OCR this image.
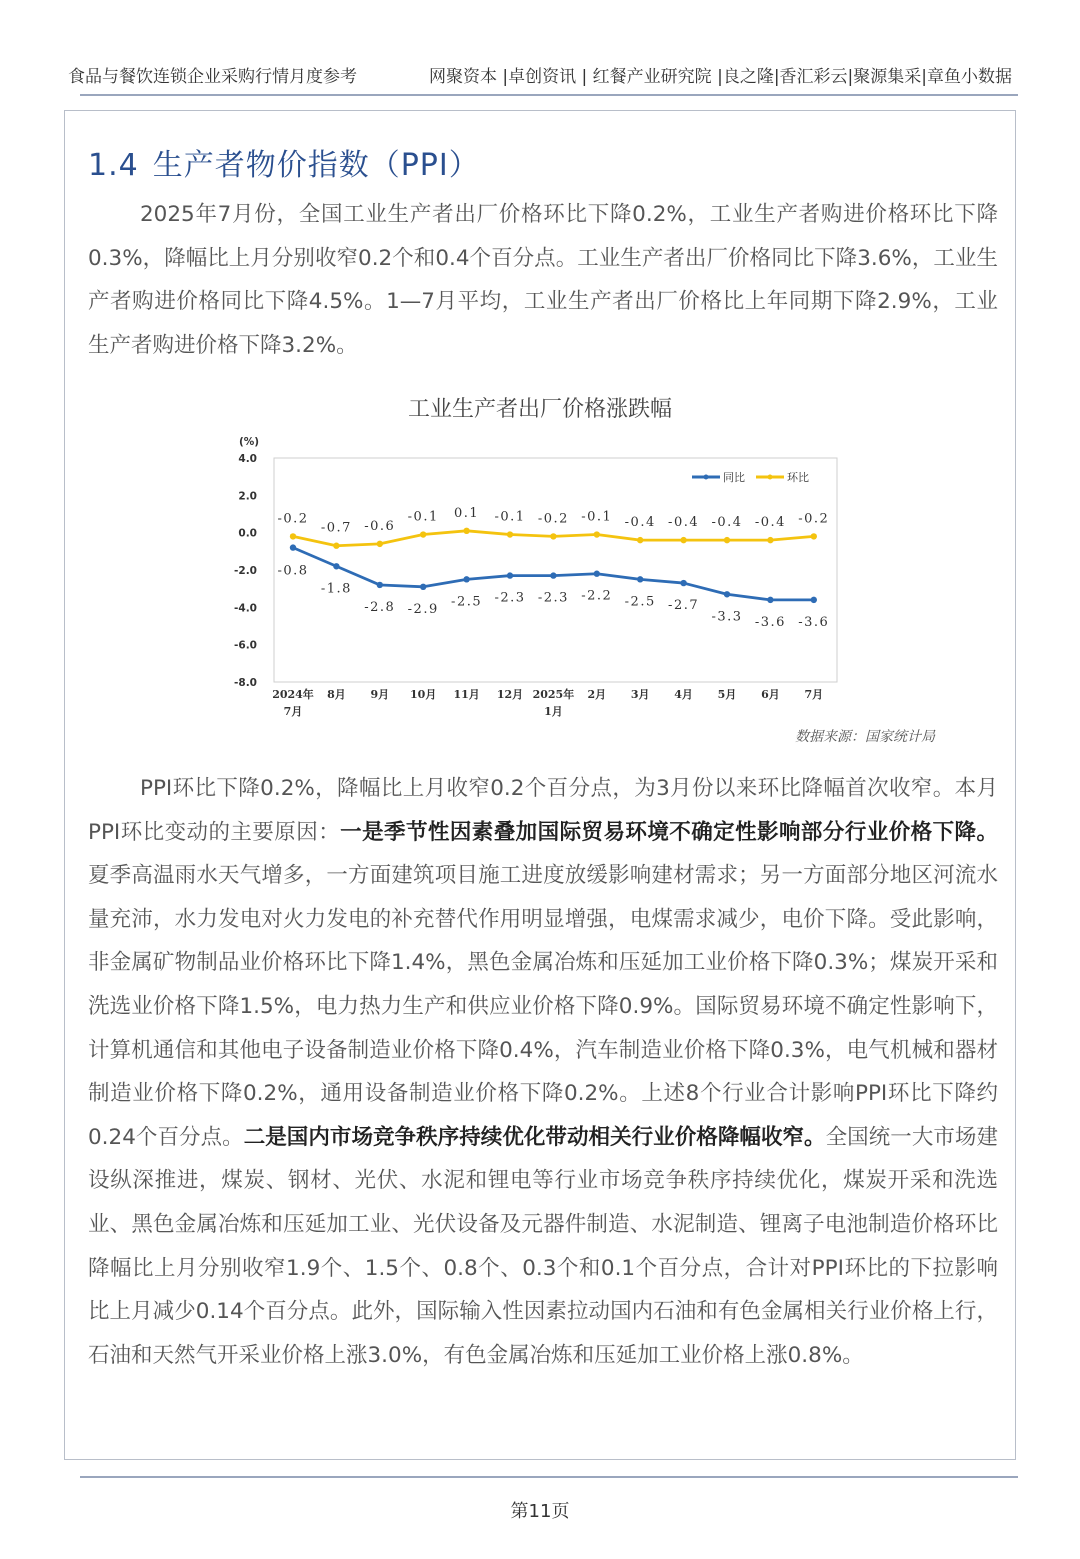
食品与餐饮连锁企业采购行情月度参考	网聚资本 |卓创资讯 | 红餐产业研究院 |良之隆|香汇彩云|聚源集采|章鱼小数据
1.4 生产者物价指数（PPI）

2025年7月份，全国工业生产者出厂价格环比下降0.2%，工业生产者购进价格环比下降0.3%，降幅比上月分别收窄0.2个和0.4个百分点。工业生产者出厂价格同比下降3.6%，工业生产者购进价格同比下降4.5%。1—7月平均，工业生产者出厂价格比上年同期下降2.9%，工业生产者购进价格下降3.2%。

工业生产者出厂价格涨跌幅
(%)
4.0
2.0
0.0
-2.0
-4.0
-6.0
-8.0
2024年
7月
8月 9月 10月 11月 12月 2025年
1月
2月 3月 4月 5月 6月 7月
-0.8
-1.8
-2.8 -2.9 -2.5 -2.3 -2.3 -2.2 -2.5 -2.7
-3.3 -3.6 -3.6
-0.2
-0.7 -0.6
-0.1 0.1 -0.1 -0.2 -0.1 -0.4 -0.4 -0.4 -0.4 -0.2
同比	环比
数据来源：国家统计局

PPI环比下降0.2%，降幅比上月收窄0.2个百分点，为3月份以来环比降幅首次收窄。本月PPI环比变动的主要原因：一是季节性因素叠加国际贸易环境不确定性影响部分行业价格下降。夏季高温雨水天气增多，一方面建筑项目施工进度放缓影响建材需求；另一方面部分地区河流水量充沛，水力发电对火力发电的补充替代作用明显增强，电煤需求减少，电价下降。受此影响，非金属矿物制品业价格环比下降1.4%，黑色金属冶炼和压延加工业价格下降0.3%；煤炭开采和洗选业价格下降1.5%，电力热力生产和供应业价格下降0.9%。国际贸易环境不确定性影响下，计算机通信和其他电子设备制造业价格下降0.4%，汽车制造业价格下降0.3%，电气机械和器材制造业价格下降0.2%，通用设备制造业价格下降0.2%。上述8个行业合计影响PPI环比下降约0.24个百分点。二是国内市场竞争秩序持续优化带动相关行业价格降幅收窄。全国统一大市场建设纵深推进，煤炭、钢材、光伏、水泥和锂电等行业市场竞争秩序持续优化，煤炭开采和洗选业、黑色金属冶炼和压延加工业、光伏设备及元器件制造、水泥制造、锂离子电池制造价格环比降幅比上月分别收窄1.9个、1.5个、0.8个、0.3个和0.1个百分点，合计对PPI环比的下拉影响比上月减少0.14个百分点。此外，国际输入性因素拉动国内石油和有色金属相关行业价格上行，石油和天然气开采业价格上涨3.0%，有色金属冶炼和压延加工业价格上涨0.8%。

第11页
